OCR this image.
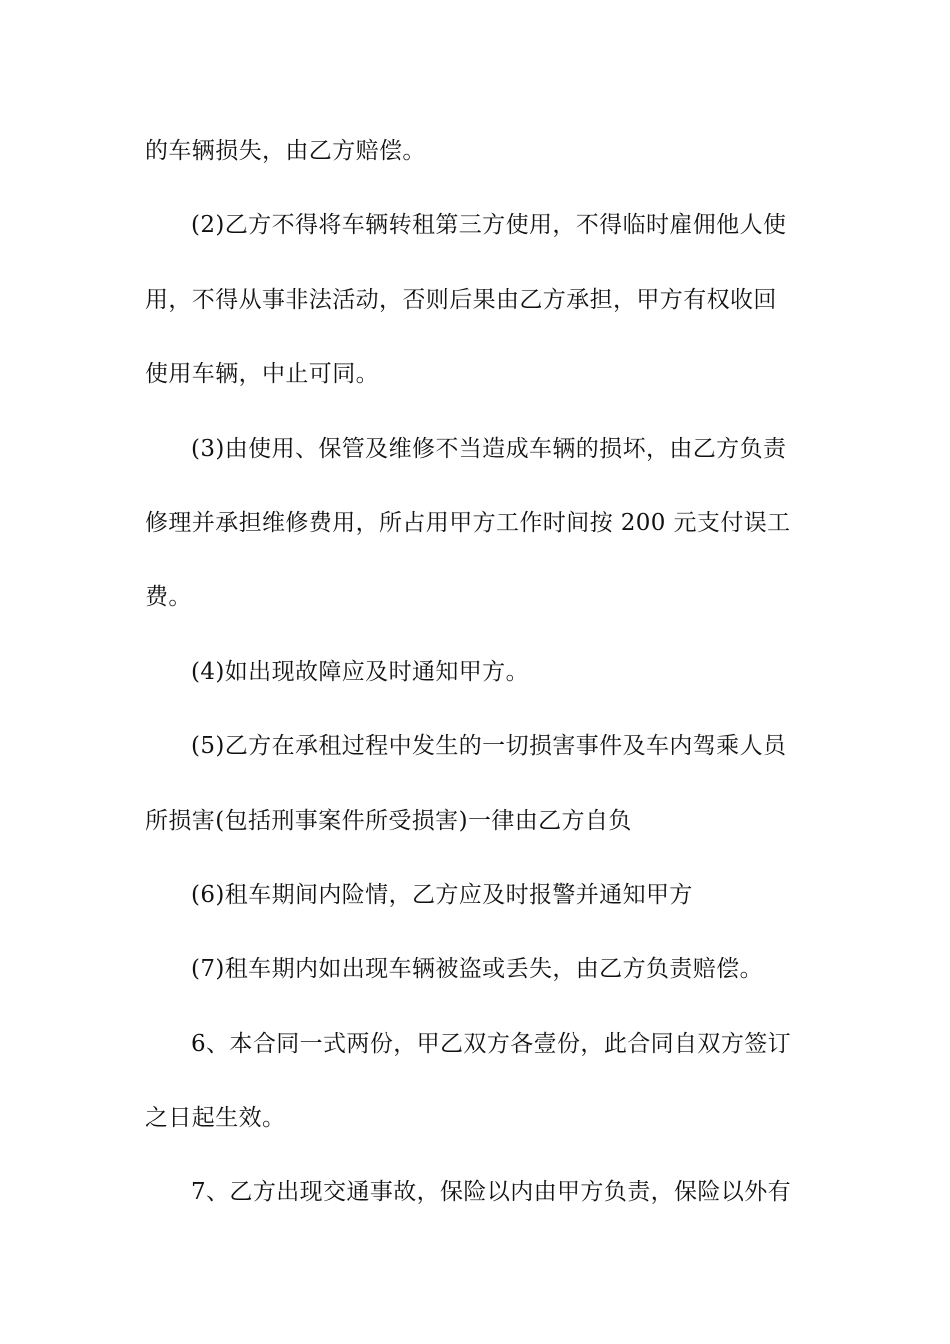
的车辆损失，由乙方赔偿。
(2)乙方不得将车辆转租第三方使用，不得临时雇佣他人使
用，不得从事非法活动，否则后果由乙方承担，甲方有权收回
使用车辆，中止可同。
(3)由使用、保管及维修不当造成车辆的损坏，由乙方负责
修理并承担维修费用，所占用甲方工作时间按 200 元支付误工
费。
(4)如出现故障应及时通知甲方。
(5)乙方在承租过程中发生的一切损害事件及车内驾乘人员
所损害(包括刑事案件所受损害)一律由乙方自负
(6)租车期间内险情，乙方应及时报警并通知甲方
(7)租车期内如出现车辆被盗或丢失，由乙方负责赔偿。
6、本合同一式两份，甲乙双方各壹份，此合同自双方签订
之日起生效。
7、乙方出现交通事故，保险以内由甲方负责，保险以外有
